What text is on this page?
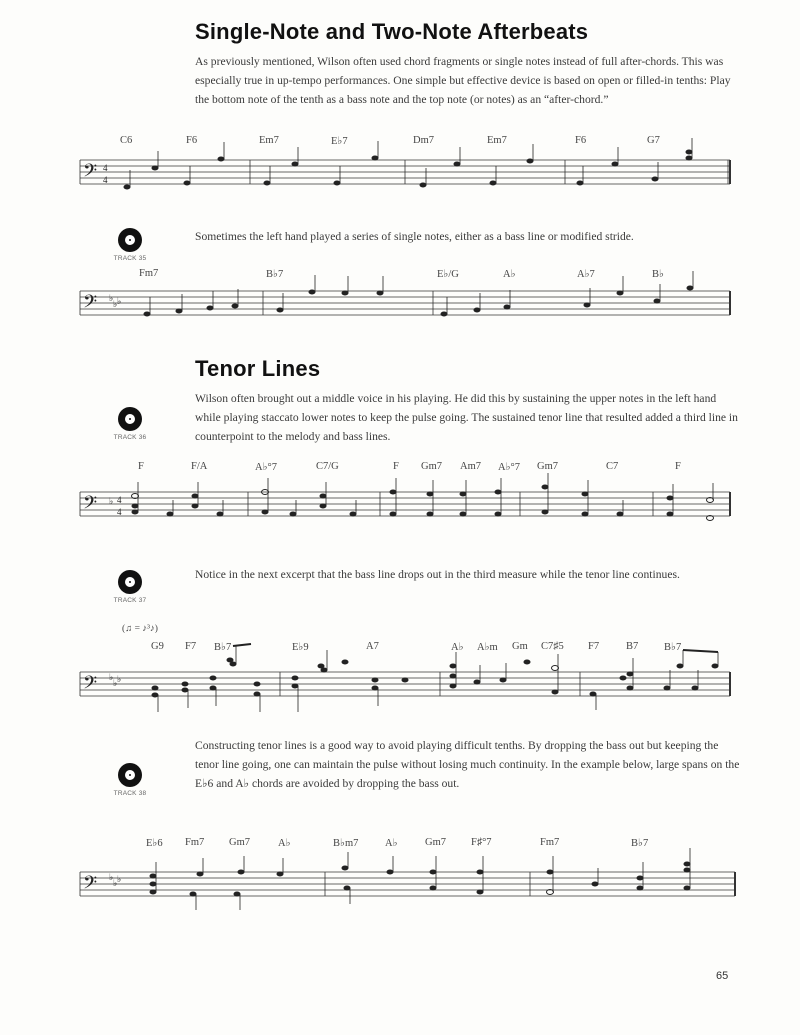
Single-Note and Two-Note Afterbeats

As previously mentioned, Wilson often used chord fragments or single notes instead of full after-chords. This was especially true in up-tempo performances. One simple but effective device is based on open or filled-in tenths: Play the bottom note of the tenth as a bass note and the top note (or notes) as an “after-chord.”

C6	F6	Em7	E♭7	Dm7	Em7	F6	G7
𝄢 4
4
TRACK 35

Sometimes the left hand played a series of single notes, either as a bass line or modified stride.

Fm7	B♭7	E♭/G	A♭	A♭7	B♭
𝄢 ♭
♭ ♭
Tenor Lines

Wilson often brought out a middle voice in his playing. He did this by sustaining the upper notes in the left hand while playing staccato lower notes to keep the pulse going. The sustained tenor line that resulted added a third line in counterpoint to the melody and bass lines.

TRACK 36
F	F/A	A♭°7	C7/G	F Gm7 Am7 A♭°7 Gm7	C7	F
𝄢 ♭ 4
4
TRACK 37

Notice in the next excerpt that the bass line drops out in the third measure while the tenor line continues.

(♫ = ♪³♪)
G9 F7 B♭7	E♭9	A7	A♭ A♭m Gm C7♯5 F7	B7 B♭7
𝄢 ♭
♭ ♭
TRACK 38

Constructing tenor lines is a good way to avoid playing difficult tenths. By dropping the bass out but keeping the tenor line going, one can maintain the pulse without losing much continuity. In the example below, large spans on the E♭6 and A♭ chords are avoided by dropping the bass out.

E♭6 Fm7 Gm7	A♭	B♭m7	A♭	Gm7 F♯°7	Fm7	B♭7
𝄢 ♭
♭ ♭
65
